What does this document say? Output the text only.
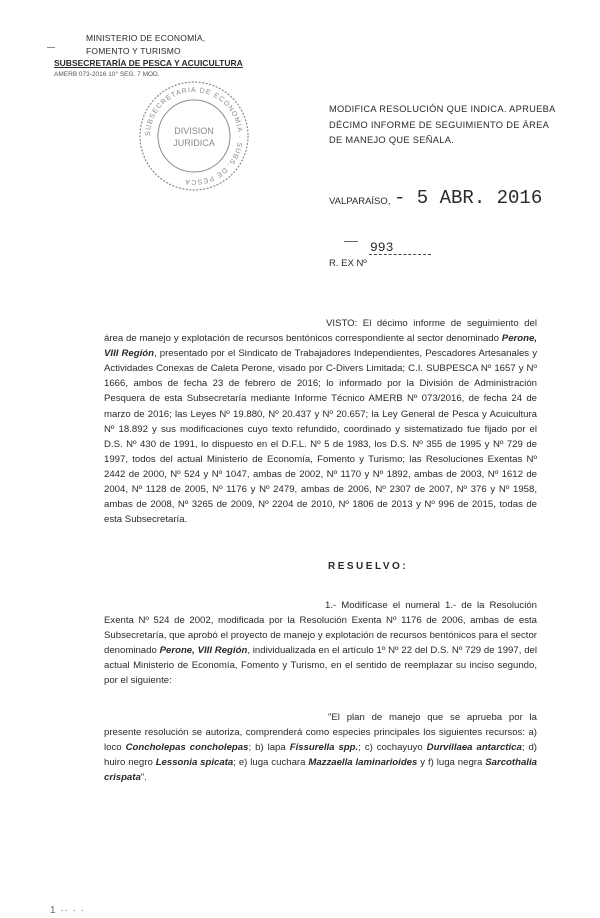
MINISTERIO DE ECONOMÍA,
FOMENTO Y TURISMO
SUBSECRETARÍA DE PESCA Y ACUICULTURA
AMERB 073-2016 10° SEG. 7 MOD.
SUBSECRETARIA DE ECONOMIA · SUBS. DE PESCA
DIVISION
JURIDICA
MODIFICA RESOLUCIÓN QUE INDICA. APRUEBA DÉCIMO INFORME DE SEGUIMIENTO DE ÁREA DE MANEJO QUE SEÑALA.
VALPARAÍSO, - 5 ABR. 2016
993
R. EX Nº
VISTO: El décimo informe de seguimiento del área de manejo y explotación de recursos bentónicos correspondiente al sector denominado Perone, VIII Región, presentado por el Sindicato de Trabajadores Independientes, Pescadores Artesanales y Actividades Conexas de Caleta Perone, visado por C-Divers Limitada; C.I. SUBPESCA Nº 1657 y Nº 1666, ambos de fecha 23 de febrero de 2016; lo informado por la División de Administración Pesquera de esta Subsecretaría mediante Informe Técnico AMERB Nº 073/2016, de fecha 24 de marzo de 2016; las Leyes Nº 19.880, Nº 20.437 y Nº 20.657; la Ley General de Pesca y Acuicultura Nº 18.892 y sus modificaciones cuyo texto refundido, coordinado y sistematizado fue fijado por el D.S. Nº 430 de 1991, lo dispuesto en el D.F.L. Nº 5 de 1983, los D.S. Nº 355 de 1995 y Nº 729 de 1997, todos del actual Ministerio de Economía, Fomento y Turismo; las Resoluciones Exentas Nº 2442 de 2000, Nº 524 y Nº 1047, ambas de 2002, Nº 1170 y Nº 1892, ambas de 2003, Nº 1612 de 2004, Nº 1128 de 2005, Nº 1176 y Nº 2479, ambas de 2006, Nº 2307 de 2007, Nº 376 y Nº 1958, ambas de 2008, Nº 3265 de 2009, Nº 2204 de 2010, Nº 1806 de 2013 y Nº 996 de 2015, todas de esta Subsecretaría.
RESUELVO:
1.- Modifícase el numeral 1.- de la Resolución Exenta Nº 524 de 2002, modificada por la Resolución Exenta Nº 1176 de 2006, ambas de esta Subsecretaría, que aprobó el proyecto de manejo y explotación de recursos bentónicos para el sector denominado Perone, VIII Región, individualizada en el artículo 1º Nº 22 del D.S. Nº 729 de 1997, del actual Ministerio de Economía, Fomento y Turismo, en el sentido de reemplazar su inciso segundo, por el siguiente:
"El plan de manejo que se aprueba por la presente resolución se autoriza, comprenderá como especies principales los siguientes recursos: a) loco Concholepas concholepas; b) lapa Fissurella spp.; c) cochayuyo Durvillaea antarctica; d) huiro negro Lessonia spicata; e) luga cuchara Mazzaella laminarioides y f) luga negra Sarcothalia crispata".
1 ·· · ·
